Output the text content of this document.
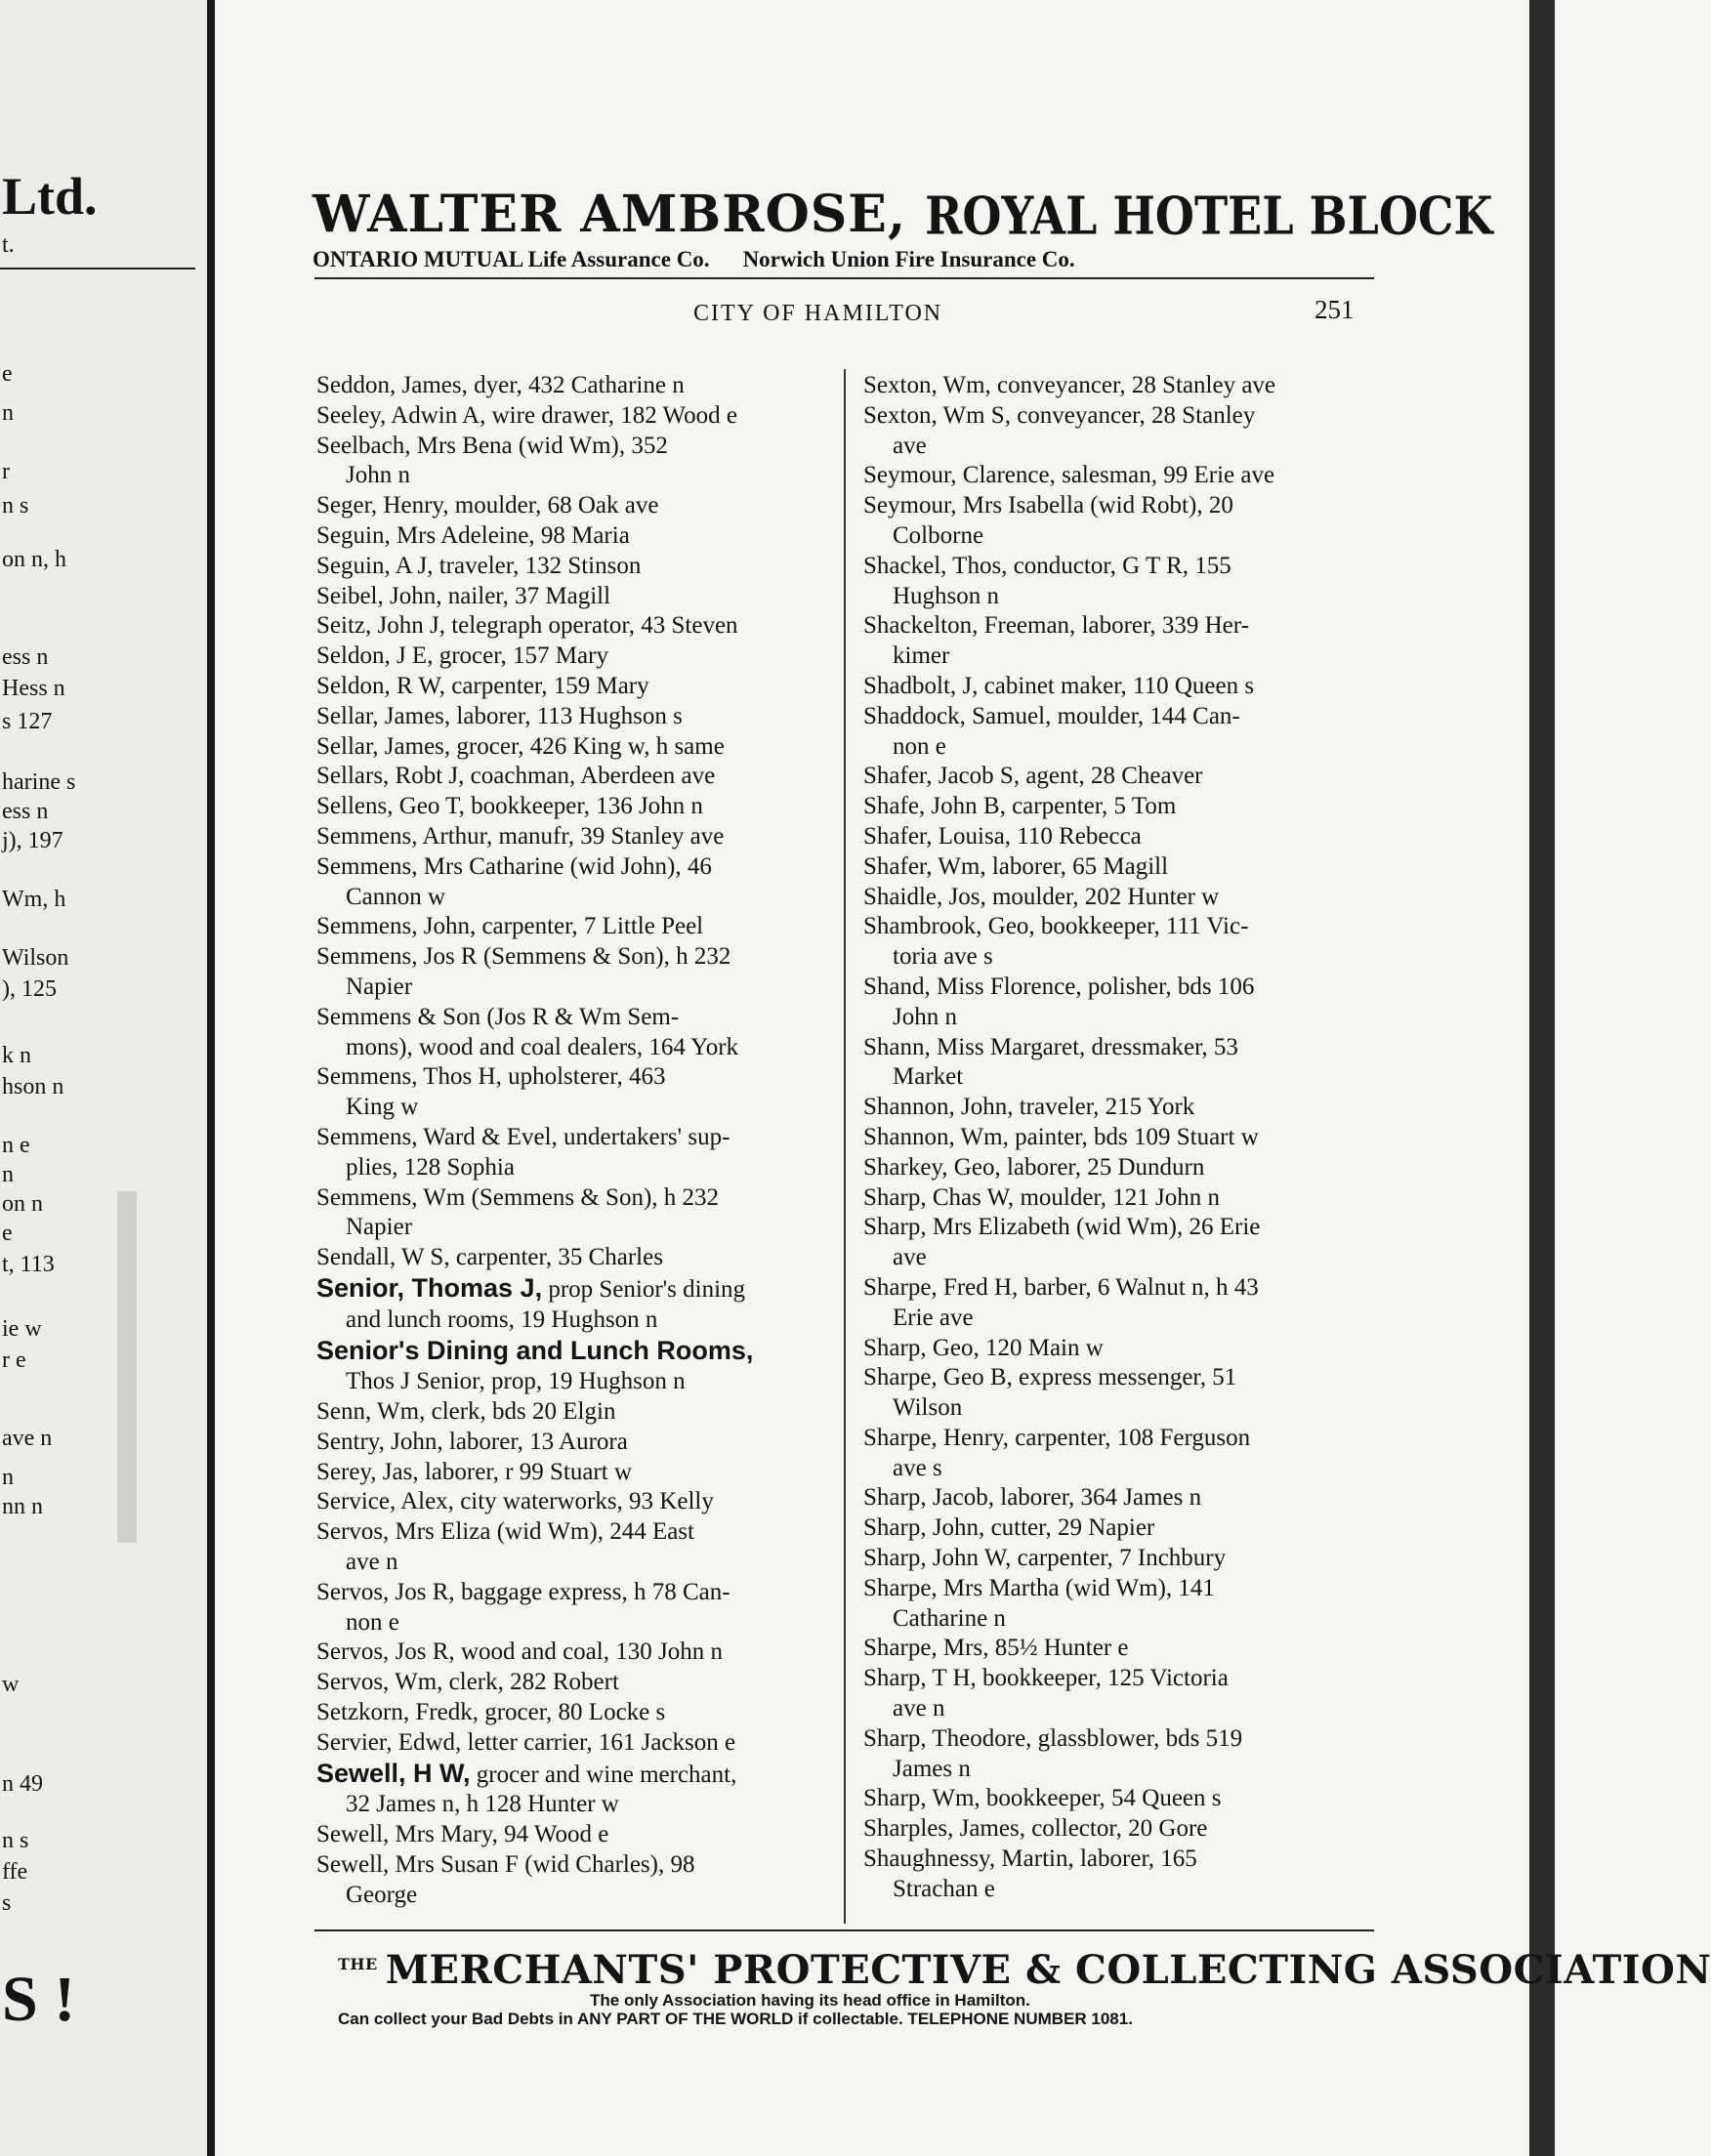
Ltd.
t.
e
n
r
n s
on n, h
ess n
Hess n
s 127
harine s
ess n
j), 197
Wm, h
Wilson
), 125
k n
hson n
n e
n
on n
e
t, 113
ie w
r e
ave n
n
nn n
w
n 49
n s
ffe
s
S !
WALTER AMBROSE, ROYAL HOTEL BLOCK
ONTARIO MUTUAL Life Assurance Co. Norwich Union Fire Insurance Co.
CITY OF HAMILTON	251
Seddon, James, dyer, 432 Catharine n
Seeley, Adwin A, wire drawer, 182 Wood e
Seelbach, Mrs Bena (wid Wm), 352
John n
Seger, Henry, moulder, 68 Oak ave
Seguin, Mrs Adeleine, 98 Maria
Seguin, A J, traveler, 132 Stinson
Seibel, John, nailer, 37 Magill
Seitz, John J, telegraph operator, 43 Steven
Seldon, J E, grocer, 157 Mary
Seldon, R W, carpenter, 159 Mary
Sellar, James, laborer, 113 Hughson s
Sellar, James, grocer, 426 King w, h same
Sellars, Robt J, coachman, Aberdeen ave
Sellens, Geo T, bookkeeper, 136 John n
Semmens, Arthur, manufr, 39 Stanley ave
Semmens, Mrs Catharine (wid John), 46
Cannon w
Semmens, John, carpenter, 7 Little Peel
Semmens, Jos R (Semmens & Son), h 232
Napier
Semmens & Son (Jos R & Wm Sem-
mons), wood and coal dealers, 164 York
Semmens, Thos H, upholsterer, 463
King w
Semmens, Ward & Evel, undertakers' sup-
plies, 128 Sophia
Semmens, Wm (Semmens & Son), h 232
Napier
Sendall, W S, carpenter, 35 Charles
Senior, Thomas J, prop Senior's dining
and lunch rooms, 19 Hughson n
Senior's Dining and Lunch Rooms,
Thos J Senior, prop, 19 Hughson n
Senn, Wm, clerk, bds 20 Elgin
Sentry, John, laborer, 13 Aurora
Serey, Jas, laborer, r 99 Stuart w
Service, Alex, city waterworks, 93 Kelly
Servos, Mrs Eliza (wid Wm), 244 East
ave n
Servos, Jos R, baggage express, h 78 Can-
non e
Servos, Jos R, wood and coal, 130 John n
Servos, Wm, clerk, 282 Robert
Setzkorn, Fredk, grocer, 80 Locke s
Servier, Edwd, letter carrier, 161 Jackson e
Sewell, H W, grocer and wine merchant,
32 James n, h 128 Hunter w
Sewell, Mrs Mary, 94 Wood e
Sewell, Mrs Susan F (wid Charles), 98
George
Sexton, Wm, conveyancer, 28 Stanley ave
Sexton, Wm S, conveyancer, 28 Stanley
ave
Seymour, Clarence, salesman, 99 Erie ave
Seymour, Mrs Isabella (wid Robt), 20
Colborne
Shackel, Thos, conductor, G T R, 155
Hughson n
Shackelton, Freeman, laborer, 339 Her-
kimer
Shadbolt, J, cabinet maker, 110 Queen s
Shaddock, Samuel, moulder, 144 Can-
non e
Shafer, Jacob S, agent, 28 Cheaver
Shafe, John B, carpenter, 5 Tom
Shafer, Louisa, 110 Rebecca
Shafer, Wm, laborer, 65 Magill
Shaidle, Jos, moulder, 202 Hunter w
Shambrook, Geo, bookkeeper, 111 Vic-
toria ave s
Shand, Miss Florence, polisher, bds 106
John n
Shann, Miss Margaret, dressmaker, 53
Market
Shannon, John, traveler, 215 York
Shannon, Wm, painter, bds 109 Stuart w
Sharkey, Geo, laborer, 25 Dundurn
Sharp, Chas W, moulder, 121 John n
Sharp, Mrs Elizabeth (wid Wm), 26 Erie
ave
Sharpe, Fred H, barber, 6 Walnut n, h 43
Erie ave
Sharp, Geo, 120 Main w
Sharpe, Geo B, express messenger, 51
Wilson
Sharpe, Henry, carpenter, 108 Ferguson
ave s
Sharp, Jacob, laborer, 364 James n
Sharp, John, cutter, 29 Napier
Sharp, John W, carpenter, 7 Inchbury
Sharpe, Mrs Martha (wid Wm), 141
Catharine n
Sharpe, Mrs, 85½ Hunter e
Sharp, T H, bookkeeper, 125 Victoria
ave n
Sharp, Theodore, glassblower, bds 519
James n
Sharp, Wm, bookkeeper, 54 Queen s
Sharples, James, collector, 20 Gore
Shaughnessy, Martin, laborer, 165
Strachan e
$^{THE}$ MERCHANTS' PROTECTIVE & COLLECTING ASSOCIATION
The only Association having its head office in Hamilton.
Can collect your Bad Debts in ANY PART OF THE WORLD if collectable. TELEPHONE NUMBER 1081.
